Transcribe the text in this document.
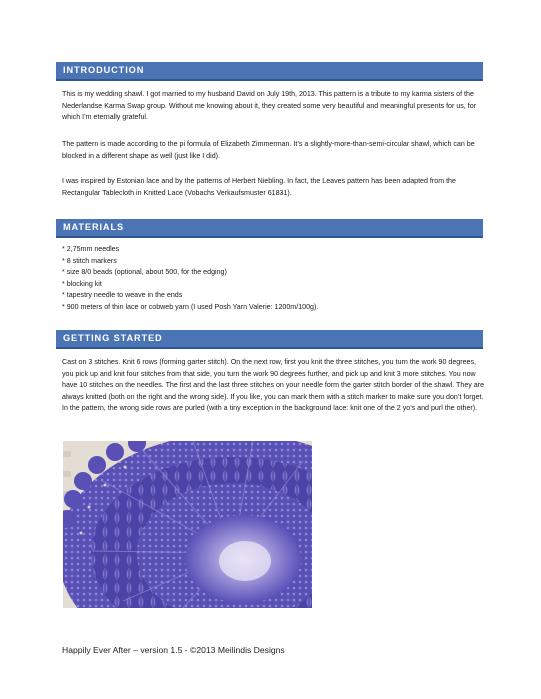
INTRODUCTION

This is my wedding shawl. I got married to my husband David on July 19th, 2013. This pattern is a tribute to my karma sisters of the Nederlandse Karma Swap group. Without me knowing about it, they created some very beautiful and meaningful presents for us, for which I’m eternally grateful.

The pattern is made according to the pi formula of Elizabeth Zimmerman. It’s a slightly-more-than-semi-circular shawl, which can be blocked in a different shape as well (just like I did).

I was inspired by Estonian lace and by the patterns of Herbert Niebling. In fact, the Leaves pattern has been adapted from the Rectangular Tablecloth in Knitted Lace (Vobachs Verkaufsmuster 61831).

MATERIALS
* 2,75mm needles
* 8 stitch markers
* size 8/0 beads (optional, about 500, for the edging)
* blocking kit
* tapestry needle to weave in the ends
* 900 meters of thin lace or cobweb yarn (I used Posh Yarn Valerie: 1200m/100g).
GETTING STARTED

Cast on 3 stitches. Knit 6 rows (forming garter stitch). On the next row, first you knit the three stitches, you turn the work 90 degrees, you pick up and knit four stitches from that side, you turn the work 90 degrees further, and pick up and knit 3 more stitches. You now have 10 stitches on the needles. The first and the last three stitches on your needle form the garter stitch border of the shawl. They are always knitted (both on the right and the wrong side). If you like, you can mark them with a stitch marker to make sure you don’t forget. In the pattern, the wrong side rows are purled (with a tiny exception in the background lace: knit one of the 2 yo’s and purl the other).

Happily Ever After – version 1.5 - ©2013 Meilindis Designs
